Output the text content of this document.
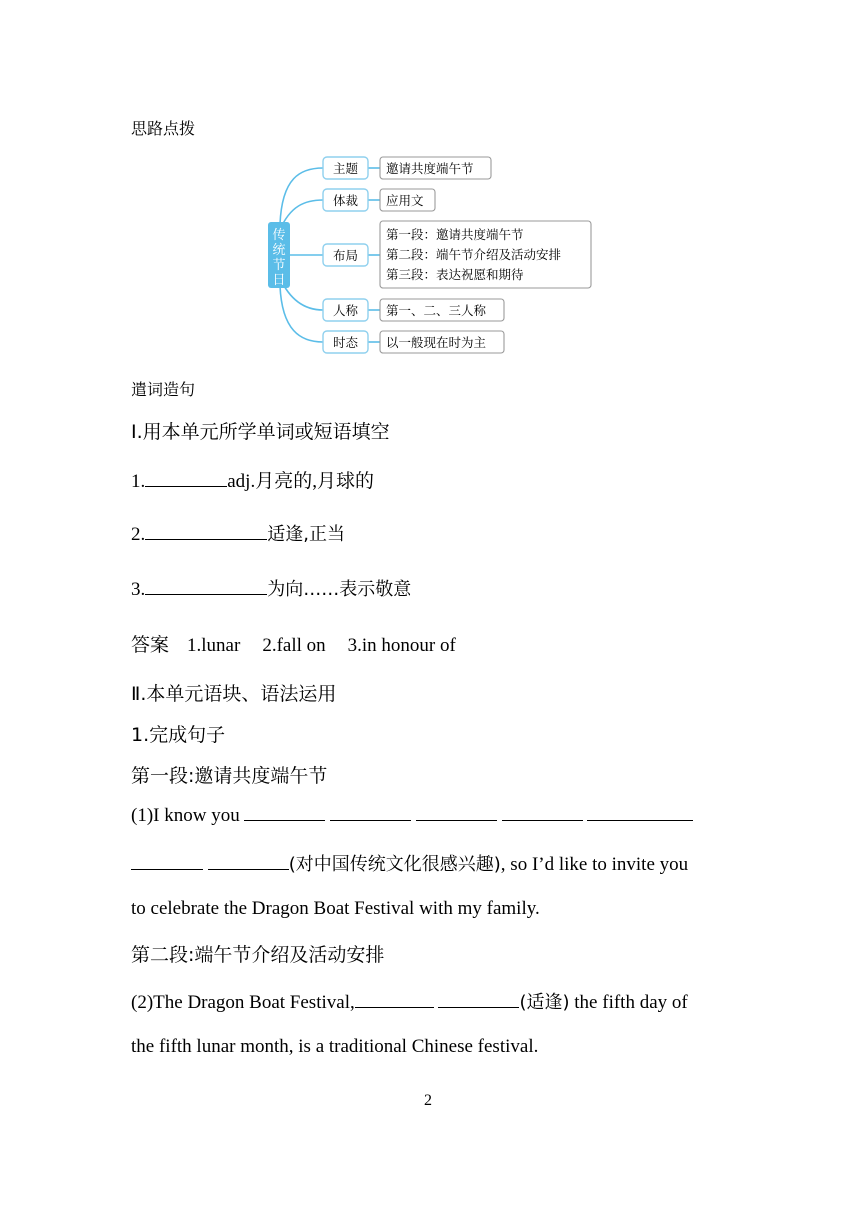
思路点拨
传
统
节
日
主题 邀请共度端午节
体裁 应用文
布局
第一段：邀请共度端午节
第二段：端午节介绍及活动安排
第三段：表达祝愿和期待
人称 第一、二、三人称
时态 以一般现在时为主
遣词造句
Ⅰ.用本单元所学单词或短语填空
1.	adj.月亮的,月球的
2.	适逢,正当
3.	为向……表示敬意
答案 1.lunar 2.fall on 3.in honour of
Ⅱ.本单元语块、语法运用
1.完成句子
第一段:邀请共度端午节
(1)I know you
(对中国传统文化很感兴趣), so I’d like to invite you
to celebrate the Dragon Boat Festival with my family.
第二段:端午节介绍及活动安排
(2)The Dragon Boat Festival,	(适逢) the fifth day of
the fifth lunar month, is a traditional Chinese festival.
2
